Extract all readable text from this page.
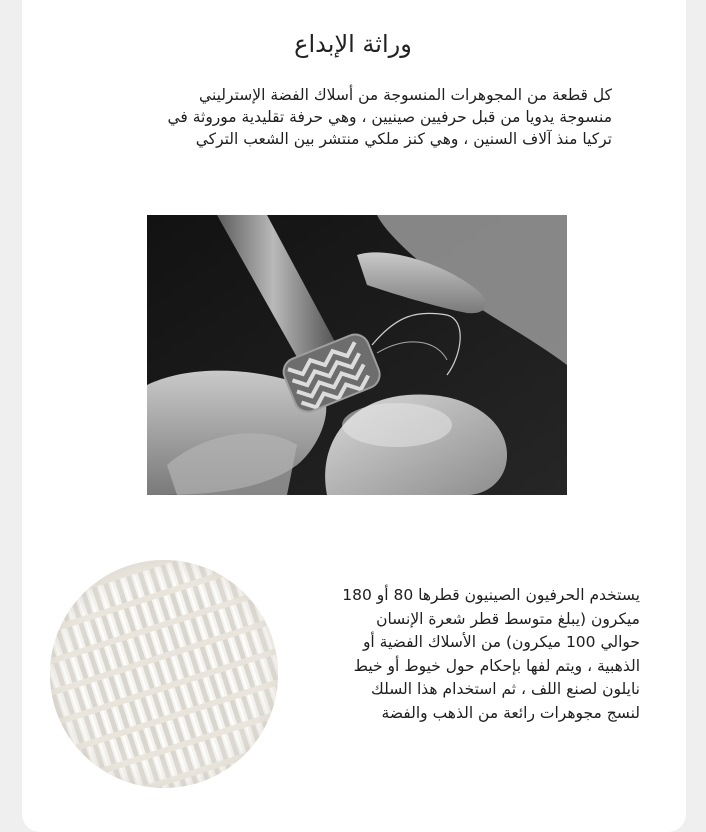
وراثة الإبداع
كل قطعة من المجوهرات المنسوجة من أسلاك الفضة الإسترليني
منسوجة يدويا من قبل حرفيين صينيين ، وهي حرفة تقليدية موروثة في
تركيا منذ آلاف السنين ، وهي كنز ملكي منتشر بين الشعب التركي
يستخدم الحرفيون الصينيون قطرها 80 أو 180
ميكرون (يبلغ متوسط قطر شعرة الإنسان
حوالي 100 ميكرون) من الأسلاك الفضية أو
الذهبية ، ويتم لفها بإحكام حول خيوط أو خيط
نايلون لصنع اللف ، ثم استخدام هذا السلك
لنسج مجوهرات رائعة من الذهب والفضة
